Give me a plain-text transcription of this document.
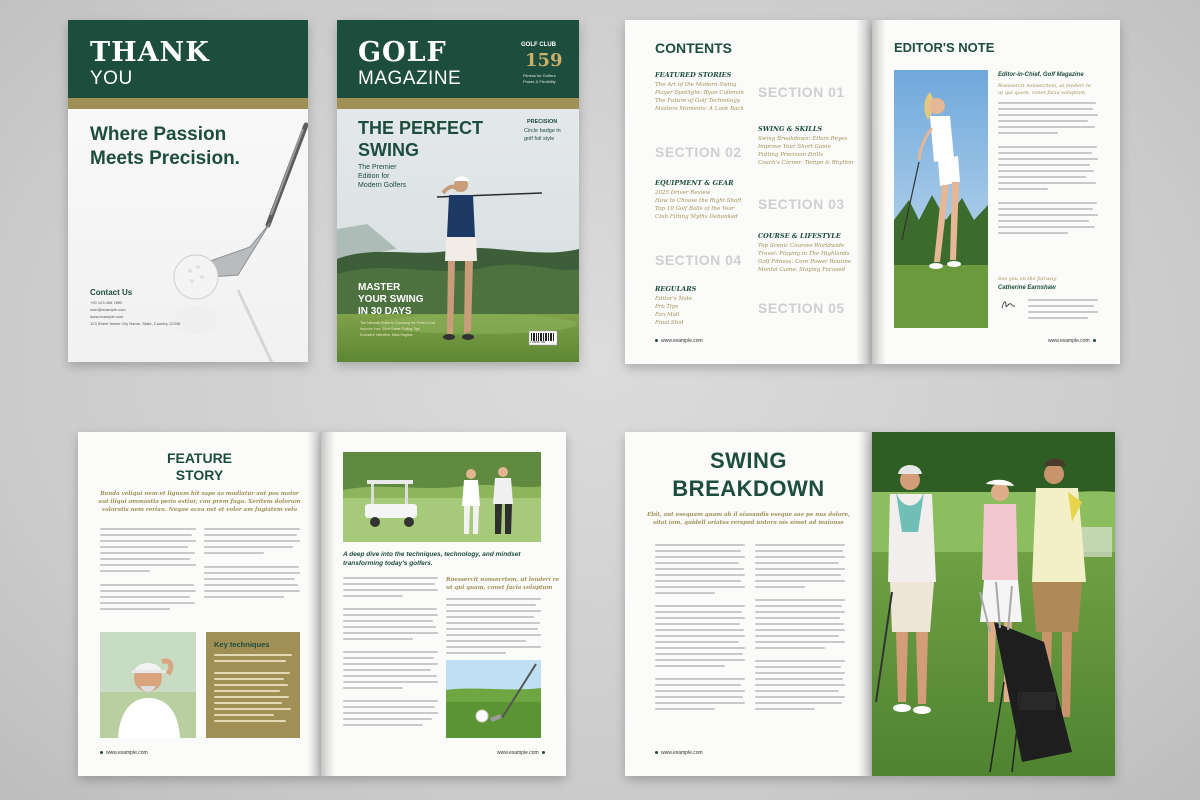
THANK
YOU
Where Passion
Meets Precision.
Contact Us
+00 123 456 7890
user@example.com
www.example.com
123 Street Name City Name, State, Country 12345
GOLF
MAGAZINE
GOLF CLUB
159
Fitness for Golfers
Power & Flexibility
1 234567 890
THE PERFECT
SWING
The Premier
Edition for
Modern Golfers
PRECISION
Circle badge in
golf foil style
MASTER
YOUR SWING
IN 30 DAYS
The Ultimate Guide to Choosing the Perfect Golf
Improve Your Short Game Putting Tips
Exclusive Interview: Mark Hughes
CONTENTS
FEATURED STORIES
The Art of the Modern Swing
Player Spotlight: Ryan Coleman
The Future of Golf Technology
Masters Moments: A Look Back
SWING & SKILLS
Swing Breakdown: Ethan Reyes
Improve Your Short Game
Putting Precision Drills
Coach's Corner: Tempo & Rhythm
EQUIPMENT & GEAR
2025 Driver Review
How to Choose the Right Shaft
Top 10 Golf Balls of the Year
Club Fitting Myths Debunked
COURSE & LIFESTYLE
Top Scenic Courses Worldwide
Travel: Playing in The Highlands
Golf Fitness: Core Power Routine
Mental Game: Staying Focused
REGULARS
Editor's Note
Pro Tips
Fan Mail
Final Shot
SECTION 01
SECTION 02
SECTION 03
SECTION 04
SECTION 05
www.example.com
EDITOR'S NOTE
Editor-in-Chief, Golf Magazine
Roessercit nonsecrtem, ut lenderi re
ut qui quam, conet facia voluptum
See you on the fairway,
Catherine Earnshaw
www.example.com
FEATURE
STORY
Renda veliqui nem et lignam hit aspe as modiatur aut pos maior
aut iliqui ommostia peris estiur, con prem fuga. Xeritem dolorum
voloratis nem rerian. Neque acea net et volor am fugiatem velo
Key techniques
www.example.com
A deep dive into the techniques, technology, and mindset
transforming today's golfers.
Roessercit nonsecrtem, ut lenderi re
ut qui quam, conet facia voluptum
www.example.com
SWING
BREAKDOWN
Ebit, aut esequam quam ab il eiusandis eseque sae pe nus dolore,
sitat iam, quidell oriates rersped untora nis simet ad maionse
www.example.com
